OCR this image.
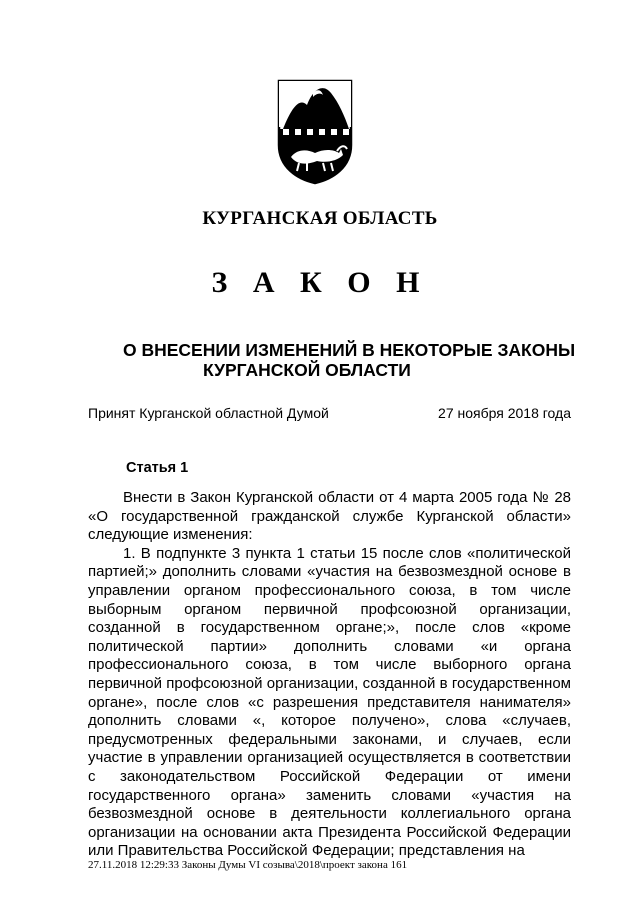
КУРГАНСКАЯ ОБЛАСТЬ
З А К О Н
О ВНЕСЕНИИ ИЗМЕНЕНИЙ В НЕКОТОРЫЕ ЗАКОНЫ
КУРГАНСКОЙ ОБЛАСТИ
Принят Курганской областной Думой	27 ноября 2018 года
Статья 1

Внести в Закон Курганской области от 4 марта 2005 года № 28 «О государственной гражданской службе Курганской области» следующие изменения:

1. В подпункте 3 пункта 1 статьи 15 после слов «политической партией;» дополнить словами «участия на безвозмездной основе в управлении органом профессионального союза, в том числе выборным органом первичной профсоюзной организации, созданной в государственном органе;», после слов «кроме политической партии» дополнить словами «и органа профессионального союза, в том числе выборного органа первичной профсоюзной организации, созданной в государственном органе», после слов «с разрешения представителя нанимателя» дополнить словами «, которое получено», слова «случаев, предусмотренных федеральными законами, и случаев, если участие в управлении организацией осуществляется в соответствии с законодательством Российской Федерации от имени государственного органа» заменить словами «участия на безвозмездной основе в деятельности коллегиального органа организации на основании акта Президента Российской Федерации или Правительства Российской Федерации; представления на

27.11.2018 12:29:33 Законы Думы VI созыва\2018\проект закона 161
